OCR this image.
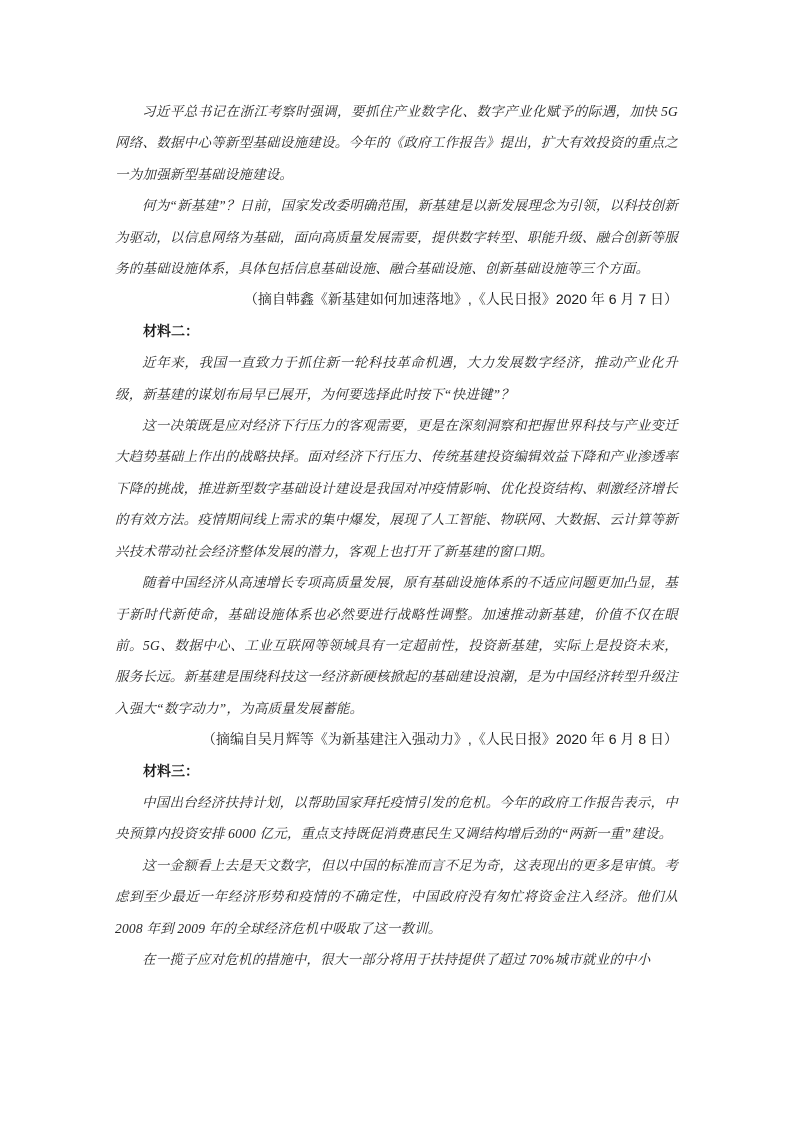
习近平总书记在浙江考察时强调，要抓住产业数字化、数字产业化赋予的际遇，加快 5G 网络、数据中心等新型基础设施建设。今年的《政府工作报告》提出，扩大有效投资的重点之一为加强新型基础设施建设。

何为“新基建”？日前，国家发改委明确范围，新基建是以新发展理念为引领，以科技创新为驱动，以信息网络为基础，面向高质量发展需要，提供数字转型、职能升级、融合创新等服务的基础设施体系，具体包括信息基础设施、融合基础设施、创新基础设施等三个方面。

（摘自韩鑫《新基建如何加速落地》,《人民日报》2020 年 6 月 7 日）

材料二：

近年来，我国一直致力于抓住新一轮科技革命机遇，大力发展数字经济，推动产业化升级，新基建的谋划布局早已展开，为何要选择此时按下“快进键”？

这一决策既是应对经济下行压力的客观需要，更是在深刻洞察和把握世界科技与产业变迁大趋势基础上作出的战略抉择。面对经济下行压力、传统基建投资编辑效益下降和产业渗透率下降的挑战，推进新型数字基础设计建设是我国对冲疫情影响、优化投资结构、刺激经济增长的有效方法。疫情期间线上需求的集中爆发，展现了人工智能、物联网、大数据、云计算等新兴技术带动社会经济整体发展的潜力，客观上也打开了新基建的窗口期。

随着中国经济从高速增长专项高质量发展，原有基础设施体系的不适应问题更加凸显，基于新时代新使命，基础设施体系也必然要进行战略性调整。加速推动新基建，价值不仅在眼前。5G、数据中心、工业互联网等领域具有一定超前性，投资新基建，实际上是投资未来，服务长远。新基建是围绕科技这一经济新硬核掀起的基础建设浪潮，是为中国经济转型升级注入强大“数字动力”，为高质量发展蓄能。

（摘编自吴月辉等《为新基建注入强动力》,《人民日报》2020 年 6 月 8 日）

材料三：

中国出台经济扶持计划，以帮助国家拜托疫情引发的危机。今年的政府工作报告表示，中央预算内投资安排 6000 亿元，重点支持既促消费惠民生又调结构增后劲的“两新一重”建设。

这一金额看上去是天文数字，但以中国的标准而言不足为奇，这表现出的更多是审慎。考虑到至少最近一年经济形势和疫情的不确定性，中国政府没有匆忙将资金注入经济。他们从 2008 年到 2009 年的全球经济危机中吸取了这一教训。

在一揽子应对危机的措施中，很大一部分将用于扶持提供了超过 70%城市就业的中小
